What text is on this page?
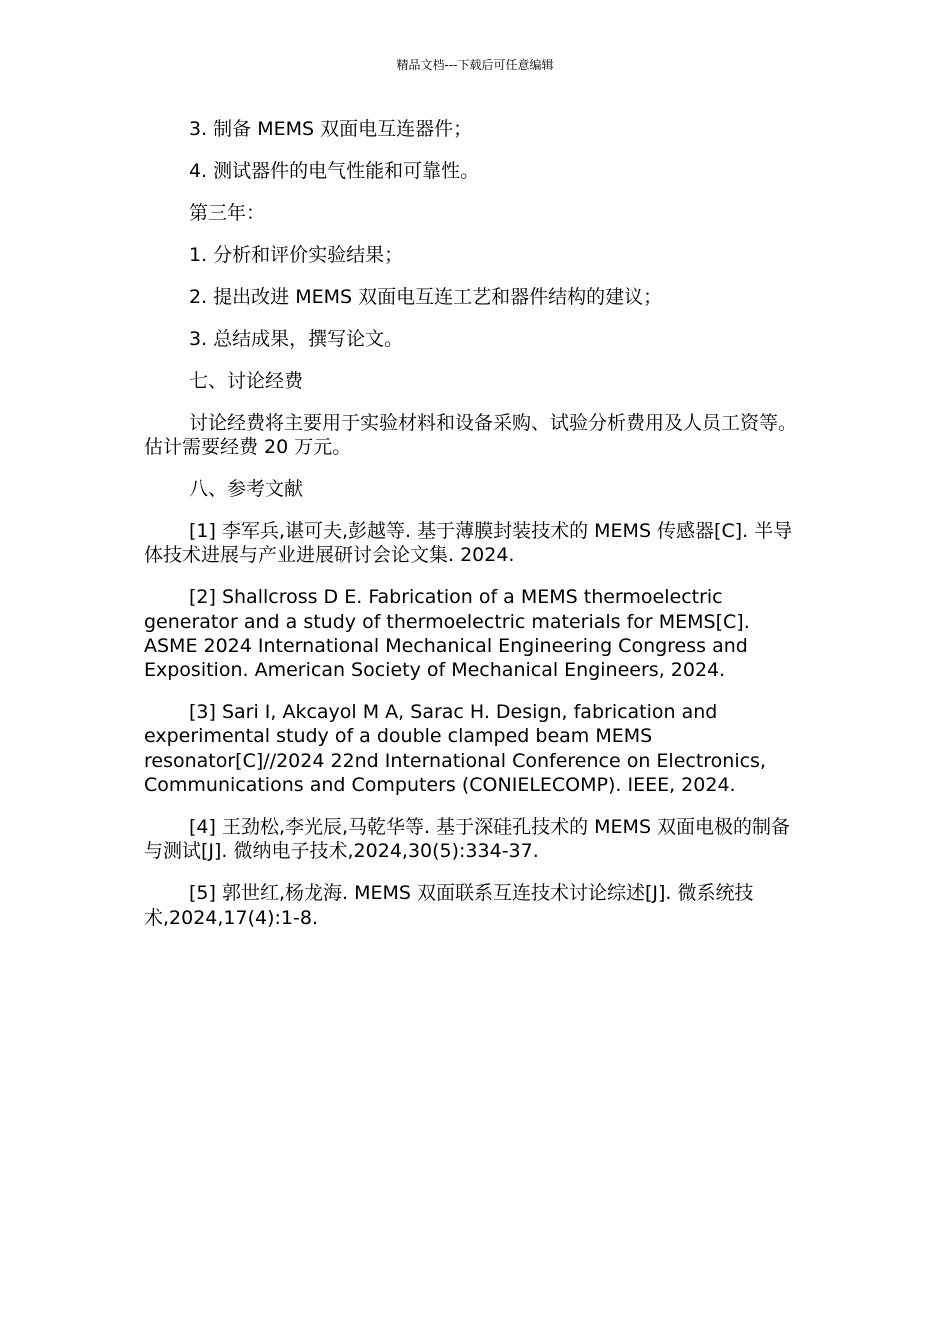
精品文档---下载后可任意编辑

3. 制备 MEMS 双面电互连器件；

4. 测试器件的电气性能和可靠性。

第三年：

1. 分析和评价实验结果；

2. 提出改进 MEMS 双面电互连工艺和器件结构的建议；

3. 总结成果，撰写论文。

七、讨论经费

讨论经费将主要用于实验材料和设备采购、试验分析费用及人员工资等。估计需要经费 20 万元。

八、参考文献

[1] 李军兵,谌可夫,彭越等. 基于薄膜封装技术的 MEMS 传感器[C]. 半导体技术进展与产业进展研讨会论文集. 2024.

[2] Shallcross D E. Fabrication of a MEMS thermoelectric generator and a study of thermoelectric materials for MEMS[C]. ASME 2024 International Mechanical Engineering Congress and Exposition. American Society of Mechanical Engineers, 2024.

[3] Sari I, Akcayol M A, Sarac H. Design, fabrication and experimental study of a double clamped beam MEMS resonator[C]//2024 22nd International Conference on Electronics, Communications and Computers (CONIELECOMP). IEEE, 2024.

[4] 王劲松,李光辰,马乾华等. 基于深硅孔技术的 MEMS 双面电极的制备与测试[J]. 微纳电子技术,2024,30(5):334-37.

[5] 郭世红,杨龙海. MEMS 双面联系互连技术讨论综述[J]. 微系统技术,2024,17(4):1-8.
